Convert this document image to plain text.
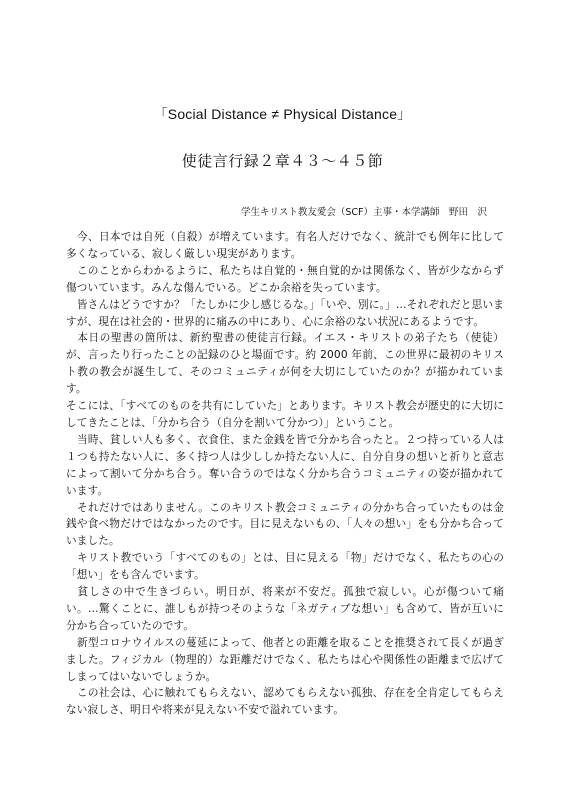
「Social Distance ≠ Physical Distance」
使徒言行録２章４３～４５節
学生キリスト教友愛会（SCF）主事・本学講師　野田　沢

　今、日本では自死（自殺）が増えています。有名人だけでなく、統計でも例年に比して多くなっている、寂しく厳しい現実があります。

　このことからわかるように、私たちは自覚的・無自覚的かは関係なく、皆が少なからず傷ついています。みんな傷んでいる。どこか余裕を失っています。

　皆さんはどうですか？「たしかに少し感じるな。」「いや、別に。」…それぞれだと思いますが、現在は社会的・世界的に痛みの中にあり、心に余裕のない状況にあるようです。

　本日の聖書の箇所は、新約聖書の使徒言行録。イエス・キリストの弟子たち（使徒）が、言ったり行ったことの記録のひと場面です。約 2000 年前、この世界に最初のキリスト教の教会が誕生して、そのコミュニティが何を大切にしていたのか？が描かれています。

そこには、「すべてのものを共有にしていた」とあります。キリスト教会が歴史的に大切にしてきたことは、「分かち合う（自分を割いて分かつ）」ということ。

　当時、貧しい人も多く、衣食住、また金銭を皆で分かち合ったと。２つ持っている人は１つも持たない人に、多く持つ人は少ししか持たない人に、自分自身の想いと祈りと意志によって割いて分かち合う。奪い合うのではなく分かち合うコミュニティの姿が描かれています。

　それだけではありません。このキリスト教会コミュニティの分かち合っていたものは金銭や食べ物だけではなかったのです。目に見えないもの、「人々の想い」をも分かち合っていました。

　キリスト教でいう「すべてのもの」とは、目に見える「物」だけでなく、私たちの心の「想い」をも含んでいます。

　貧しさの中で生きづらい。明日が、将来が不安だ。孤独で寂しい。心が傷ついて痛い。…驚くことに、誰しもが持つそのような「ネガティブな想い」も含めて、皆が互いに分かち合っていたのです。

　新型コロナウイルスの蔓延によって、他者との距離を取ることを推奨されて長くが過ぎました。フィジカル（物理的）な距離だけでなく、私たちは心や関係性の距離まで広げてしまってはいないでしょうか。

　この社会は、心に触れてもらえない、認めてもらえない孤独、存在を全肯定してもらえない寂しさ、明日や将来が見えない不安で溢れています。
